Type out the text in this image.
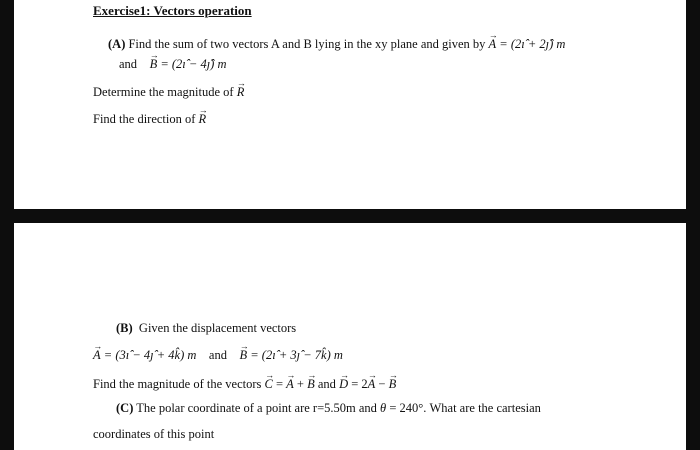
Exercise1: Vectors operation
(A) Find the sum of two vectors A and B lying in the xy plane and given by → A = (2ı̂ + 2ȷ̂) m
and → B = (2ı̂ − 4ȷ̂) m
Determine the magnitude of → R
Find the direction of → R
(B) Given the displacement vectors
→ A = (3ı̂ − 4ȷ̂ + 4k̂) m and → B = (2ı̂ + 3ȷ̂ − 7k̂) m
Find the magnitude of the vectors → C = → A + → B and → D = 2→ A − → B
(C) The polar coordinate of a point are r=5.50m and θ = 240°. What are the cartesian
coordinates of this point
